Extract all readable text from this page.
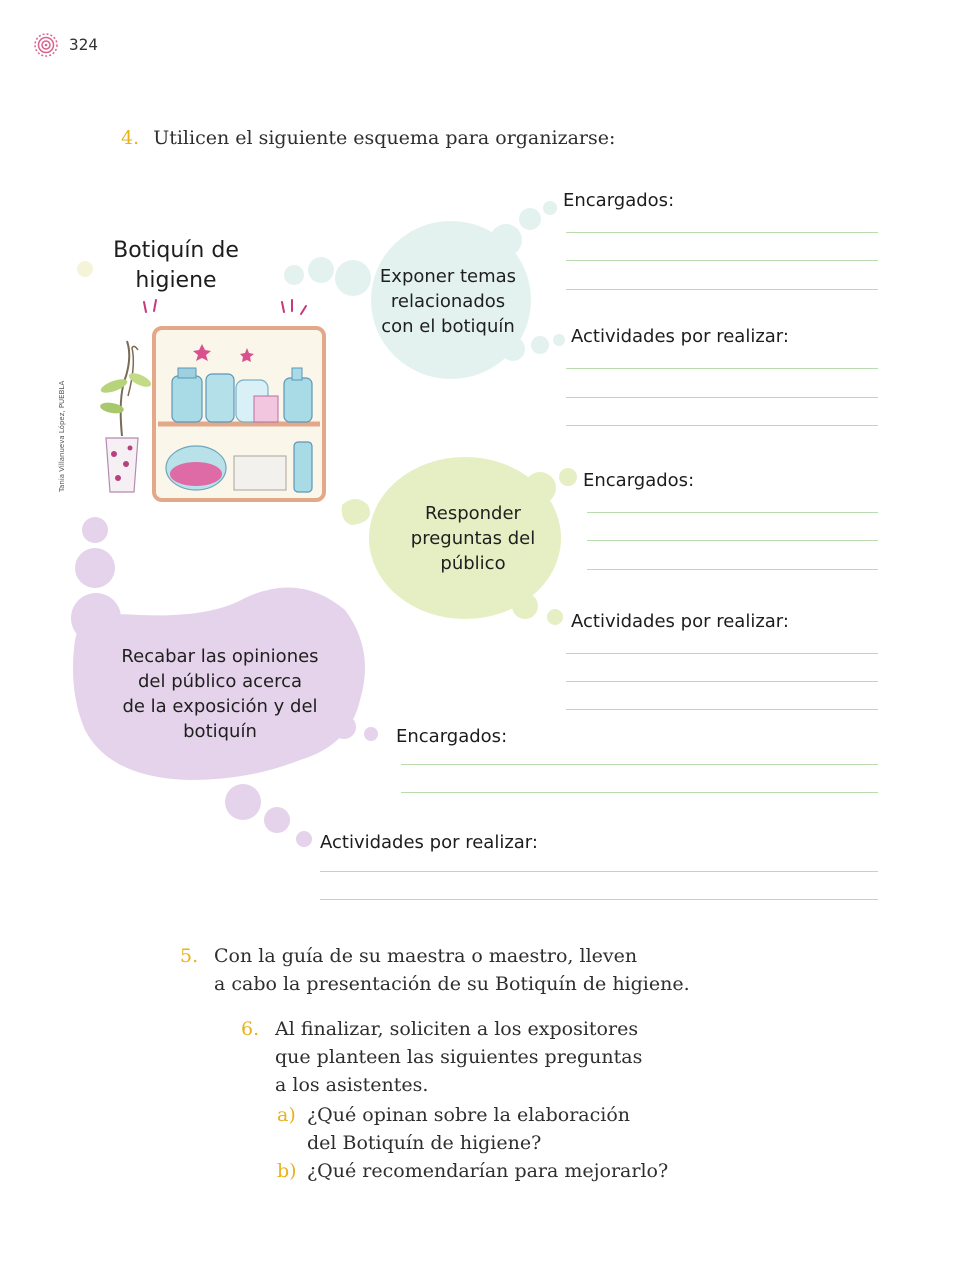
324
4. Utilicen el siguiente esquema para organizarse:
Botiquín de
higiene
Tania Villanueva López, PUEBLA
Exponer temas
relacionados
con el botiquín
Responder
preguntas del
público
Recabar las opiniones
del público acerca
de la exposición y del
botiquín
Encargados:
Actividades por realizar:
Encargados:
Actividades por realizar:
Encargados:
Actividades por realizar:
5. Con la guía de su maestra o maestro, lleven
a cabo la presentación de su Botiquín de higiene.
6. Al finalizar, soliciten a los expositores
que planteen las siguientes preguntas
a los asistentes.
a) ¿Qué opinan sobre la elaboración
del Botiquín de higiene?
b) ¿Qué recomendarían para mejorarlo?
